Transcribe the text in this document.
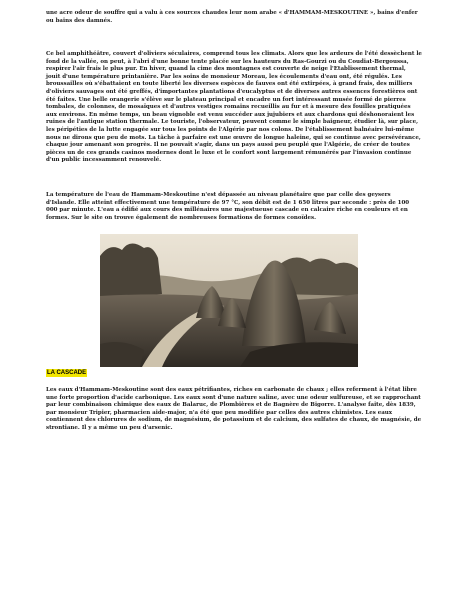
une acre odeur de souffre qui a valu à ces sources chaudes leur nom arabe « d'HAMMAM-MESKOUTINE », bains d'enfer ou bains des damnés.

Ce bel amphithéâtre, couvert d'oliviers séculaires, comprend tous les climats. Alors que les ardeurs de l'été dessèchent le fond de la vallée, on peut, à l'abri d'une bonne tente placée sur les hauteurs du Ras-Gourzi ou du Coudiat-Bergoussa, respirer l'air frais le plus pur. En hiver, quand la cime des montagnes est couverte de neige l'Etablissement thermal, jouit d'une température printanière. Par les soins de monsieur Moreau, les écoulements d'eau ont, été régulés. Les broussailles où s'ébattaient en toute liberté les diverses espèces de fauves ont été extirpées, à grand frais, des milliers d'oliviers sauvages ont été greffés, d'importantes plantations d'eucalyptus et de diverses autres essences forestières ont été faites. Une belle orangerie s'élève sur le plateau principal et encadre un fort intéressant musée formé de pierres tombales, de colonnes, de mosaïques et d'autres vestiges romains recueillis au fur et à mesure des fouilles pratiquées aux environs. En même temps, un beau vignoble est venu succéder aux jujubiers et aux chardons qui déshonoraient les ruines de l'antique station thermale. Le touriste, l'observateur, peuvent comme le simple baigneur, étudier là, sur place, les péripéties de la lutte engagée sur tous les points de l'Algérie par nos colons. De l'établissement balnéaire lui-même nous ne dirons que peu de mots. La tâche à parfaire est une œuvre de longue haleine, qui se continue avec persévérance, chaque jour amenant son progrès. Il ne pouvait s'agir, dans un pays aussi peu peuplé que l'Algérie, de créer de toutes pièces un de ces grands casinos modernes dont le luxe et le confort sont largement rémunérés par l'invasion continue d'un public incessamment renouvelé.

La température de l'eau de Hammam-Meskoutine n'est dépassée au niveau planétaire que par celle des geysers d'Islande. Elle atteint effectivement une température de 97 °C, son débit est de 1 650 litres par seconde : près de 100 000 par minute. L'eau a édifié aux cours des millénaires une majestueuse cascade en calcaire riche en couleurs et en formes. Sur le site on trouve également de nombreuses formations de formes conoïdes.

LA CASCADE

Les eaux d'Hammam-Meskoutine sont des eaux pétrifiantes, riches en carbonate de chaux ; elles referment à l'état libre une forte proportion d'acide carbonique. Les eaux sont d'une nature saline, avec une odeur sulfureuse, et se rapprochant par leur combinaison chimique des eaux de Balaruc, de Plombières et de Bagnère de Bigorre. L'analyse faite, dès 1839, par monsieur Tripier, pharmacien aide-major, n'a été que peu modifiée par celles des autres chimistes. Les eaux contiennent des chlorures de sodium, de magnésium, de potassium et de calcium, des sulfates de chaux, de magnésie, de strontiane. Il y a même un peu d'arsenic.
